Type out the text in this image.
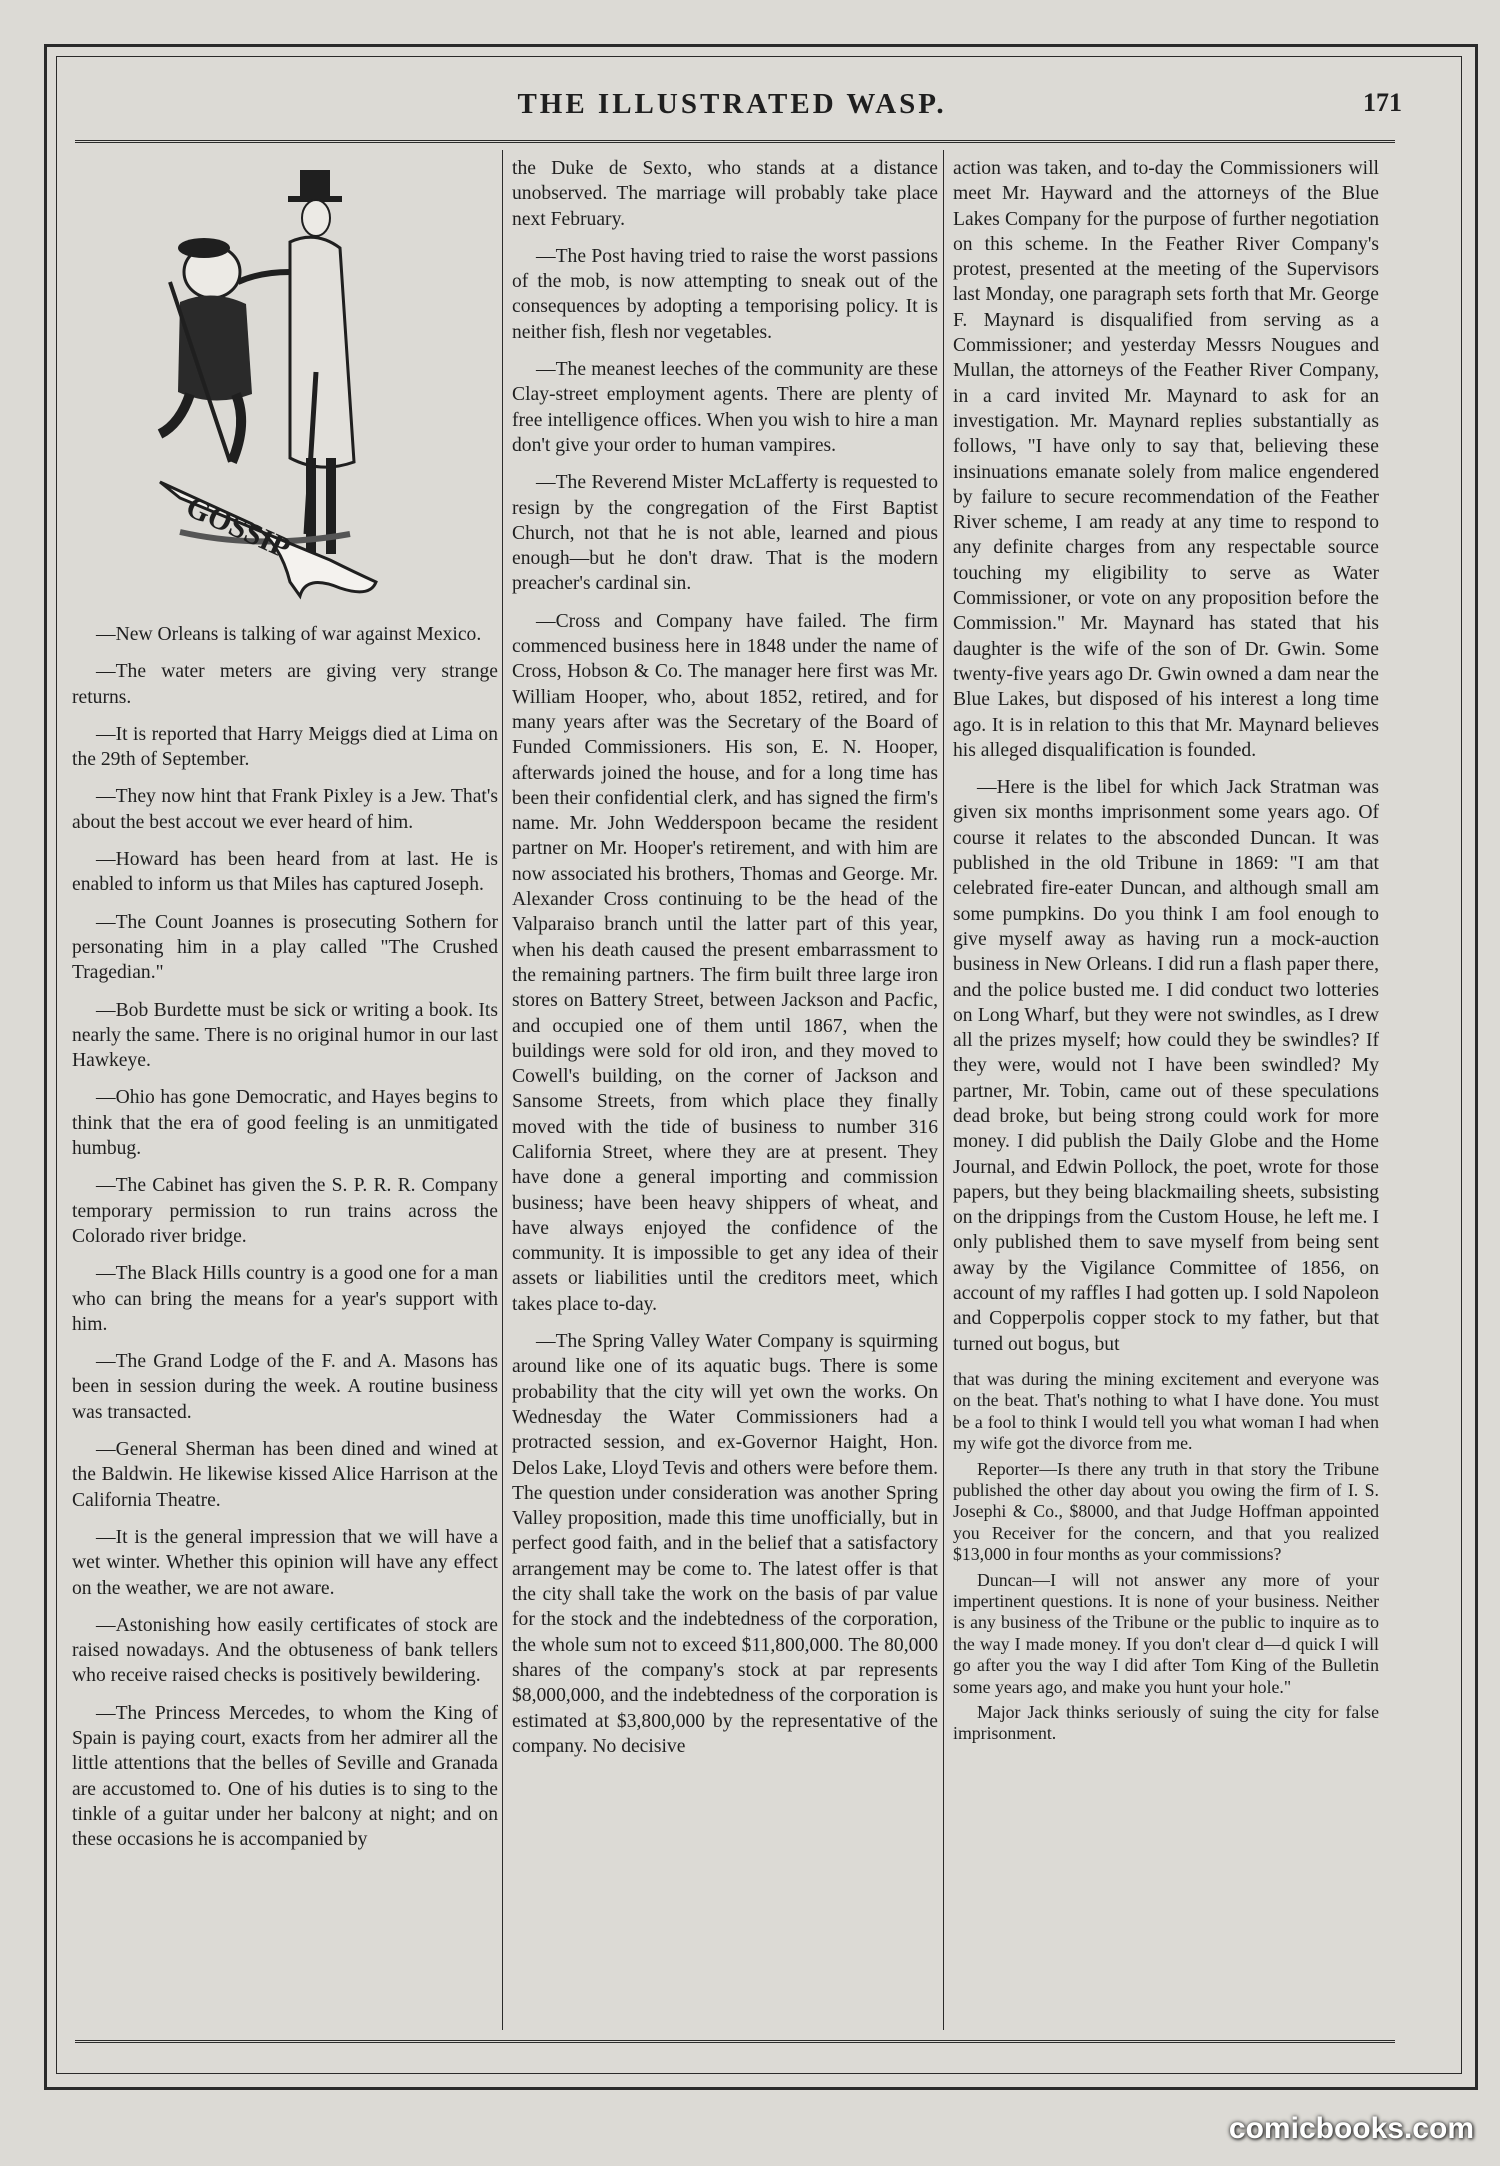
THE ILLUSTRATED WASP.	171
GOSSIP

—New Orleans is talking of war against Mexico.

—The water meters are giving very strange returns.

—It is reported that Harry Meiggs died at Lima on the 29th of September.

—They now hint that Frank Pixley is a Jew. That's about the best accout we ever heard of him.

—Howard has been heard from at last. He is enabled to inform us that Miles has captured Joseph.

—The Count Joannes is prosecuting Sothern for personating him in a play called "The Crushed Tragedian."

—Bob Burdette must be sick or writing a book. Its nearly the same. There is no original humor in our last Hawkeye.

—Ohio has gone Democratic, and Hayes begins to think that the era of good feeling is an unmitigated humbug.

—The Cabinet has given the S. P. R. R. Company temporary permission to run trains across the Colorado river bridge.

—The Black Hills country is a good one for a man who can bring the means for a year's support with him.

—The Grand Lodge of the F. and A. Masons has been in session during the week. A routine business was transacted.

—General Sherman has been dined and wined at the Baldwin. He likewise kissed Alice Harrison at the California Theatre.

—It is the general impression that we will have a wet winter. Whether this opinion will have any effect on the weather, we are not aware.

—Astonishing how easily certificates of stock are raised nowadays. And the obtuseness of bank tellers who receive raised checks is positively bewildering.

—The Princess Mercedes, to whom the King of Spain is paying court, exacts from her admirer all the little attentions that the belles of Seville and Granada are accustomed to. One of his duties is to sing to the tinkle of a guitar under her balcony at night; and on these occasions he is accompanied by

the Duke de Sexto, who stands at a distance unobserved. The marriage will probably take place next February.

—The Post having tried to raise the worst passions of the mob, is now attempting to sneak out of the consequences by adopting a temporising policy. It is neither fish, flesh nor vegetables.

—The meanest leeches of the community are these Clay-street employment agents. There are plenty of free intelligence offices. When you wish to hire a man don't give your order to human vampires.

—The Reverend Mister McLafferty is requested to resign by the congregation of the First Baptist Church, not that he is not able, learned and pious enough—but he don't draw. That is the modern preacher's cardinal sin.

—Cross and Company have failed. The firm commenced business here in 1848 under the name of Cross, Hobson & Co. The manager here first was Mr. William Hooper, who, about 1852, retired, and for many years after was the Secretary of the Board of Funded Commissioners. His son, E. N. Hooper, afterwards joined the house, and for a long time has been their confidential clerk, and has signed the firm's name. Mr. John Wedderspoon became the resident partner on Mr. Hooper's retirement, and with him are now associated his brothers, Thomas and George. Mr. Alexander Cross continuing to be the head of the Valparaiso branch until the latter part of this year, when his death caused the present embarrassment to the remaining partners. The firm built three large iron stores on Battery Street, between Jackson and Pacfic, and occupied one of them until 1867, when the buildings were sold for old iron, and they moved to Cowell's building, on the corner of Jackson and Sansome Streets, from which place they finally moved with the tide of business to number 316 California Street, where they are at present. They have done a general importing and commission business; have been heavy shippers of wheat, and have always enjoyed the confidence of the community. It is impossible to get any idea of their assets or liabilities until the creditors meet, which takes place to-day.

—The Spring Valley Water Company is squirming around like one of its aquatic bugs. There is some probability that the city will yet own the works. On Wednesday the Water Commissioners had a protracted session, and ex-Governor Haight, Hon. Delos Lake, Lloyd Tevis and others were before them. The question under consideration was another Spring Valley proposition, made this time unofficially, but in perfect good faith, and in the belief that a satisfactory arrangement may be come to. The latest offer is that the city shall take the work on the basis of par value for the stock and the indebtedness of the corporation, the whole sum not to exceed $11,800,000. The 80,000 shares of the company's stock at par represents $8,000,000, and the indebtedness of the corporation is estimated at $3,800,000 by the representative of the company. No decisive

action was taken, and to-day the Commissioners will meet Mr. Hayward and the attorneys of the Blue Lakes Company for the purpose of further negotiation on this scheme. In the Feather River Company's protest, presented at the meeting of the Supervisors last Monday, one paragraph sets forth that Mr. George F. Maynard is disqualified from serving as a Commissioner; and yesterday Messrs Nougues and Mullan, the attorneys of the Feather River Company, in a card invited Mr. Maynard to ask for an investigation. Mr. Maynard replies substantially as follows, "I have only to say that, believing these insinuations emanate solely from malice engendered by failure to secure recommendation of the Feather River scheme, I am ready at any time to respond to any definite charges from any respectable source touching my eligibility to serve as Water Commissioner, or vote on any proposition before the Commission." Mr. Maynard has stated that his daughter is the wife of the son of Dr. Gwin. Some twenty-five years ago Dr. Gwin owned a dam near the Blue Lakes, but disposed of his interest a long time ago. It is in relation to this that Mr. Maynard believes his alleged disqualification is founded.

—Here is the libel for which Jack Stratman was given six months imprisonment some years ago. Of course it relates to the absconded Duncan. It was published in the old Tribune in 1869: "I am that celebrated fire-eater Duncan, and although small am some pumpkins. Do you think I am fool enough to give myself away as having run a mock-auction business in New Orleans. I did run a flash paper there, and the police busted me. I did conduct two lotteries on Long Wharf, but they were not swindles, as I drew all the prizes myself; how could they be swindles? If they were, would not I have been swindled? My partner, Mr. Tobin, came out of these speculations dead broke, but being strong could work for more money. I did publish the Daily Globe and the Home Journal, and Edwin Pollock, the poet, wrote for those papers, but they being blackmailing sheets, subsisting on the drippings from the Custom House, he left me. I only published them to save myself from being sent away by the Vigilance Committee of 1856, on account of my raffles I had gotten up. I sold Napoleon and Copperpolis copper stock to my father, but that turned out bogus, but

that was during the mining excitement and everyone was on the beat. That's nothing to what I have done. You must be a fool to think I would tell you what woman I had when my wife got the divorce from me.

Reporter—Is there any truth in that story the Tribune published the other day about you owing the firm of I. S. Josephi & Co., $8000, and that Judge Hoffman appointed you Receiver for the concern, and that you realized $13,000 in four months as your commissions?

Duncan—I will not answer any more of your impertinent questions. It is none of your business. Neither is any business of the Tribune or the public to inquire as to the way I made money. If you don't clear d—d quick I will go after you the way I did after Tom King of the Bulletin some years ago, and make you hunt your hole."

Major Jack thinks seriously of suing the city for false imprisonment.

comicbooks.com
